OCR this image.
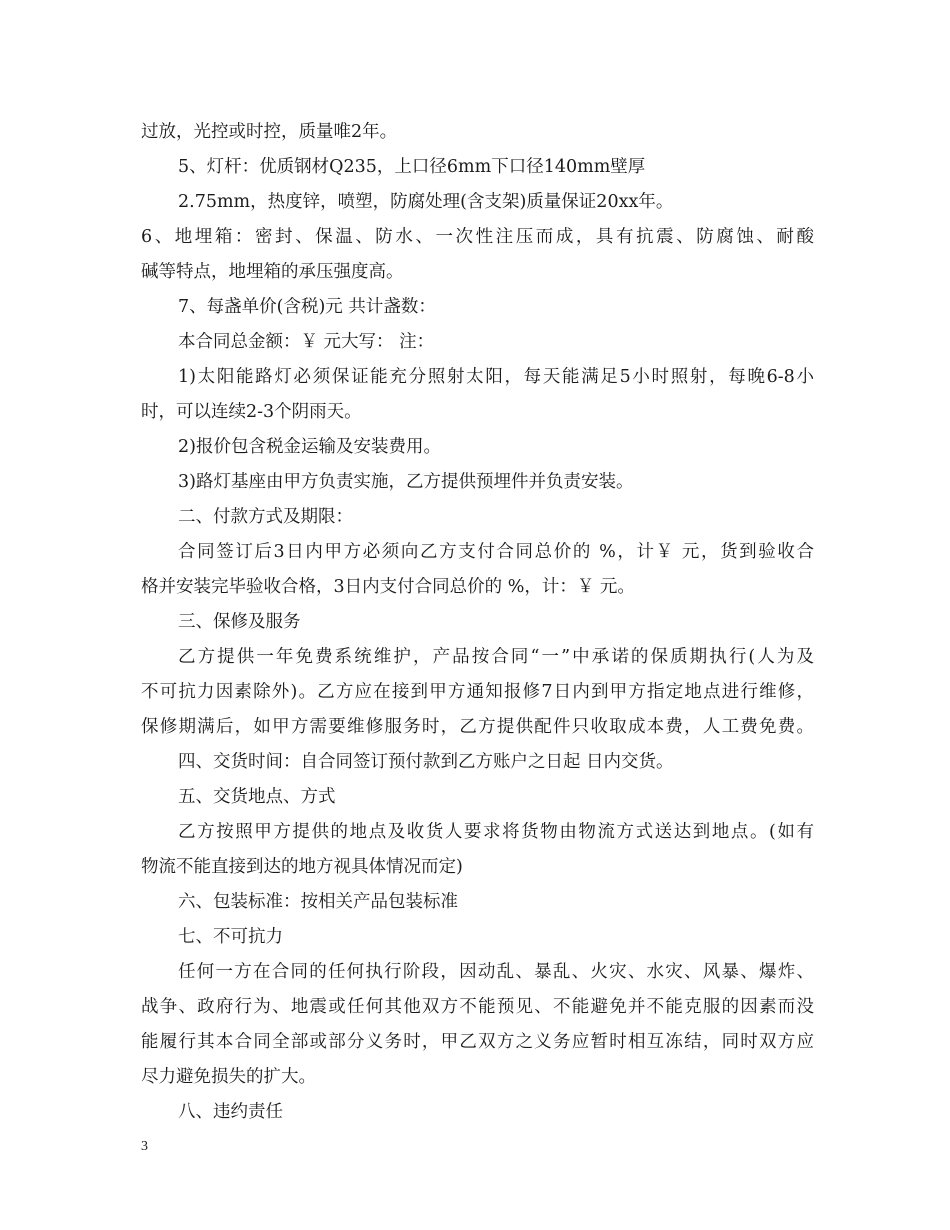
过放，光控或时控，质量唯2年。
5、灯杆：优质钢材Q235，上口径6mm下口径140mm壁厚
2.75mm，热度锌，喷塑，防腐处理(含支架)质量保证20xx年。
6、地埋箱：密封、保温、防水、一次性注压而成，具有抗震、防腐蚀、耐酸
碱等特点，地埋箱的承压强度高。
7、每盏单价(含税)元 共计盏数：
本合同总金额：￥ 元大写： 注：
1)太阳能路灯必须保证能充分照射太阳，每天能满足5小时照射，每晚6-8小
时，可以连续2-3个阴雨天。
2)报价包含税金运输及安装费用。
3)路灯基座由甲方负责实施，乙方提供预埋件并负责安装。
二、付款方式及期限：
合同签订后3日内甲方必须向乙方支付合同总价的 %，计￥ 元，货到验收合
格并安装完毕验收合格，3日内支付合同总价的 %，计：￥ 元。
三、保修及服务
乙方提供一年免费系统维护，产品按合同“一”中承诺的保质期执行(人为及
不可抗力因素除外)。乙方应在接到甲方通知报修7日内到甲方指定地点进行维修，
保修期满后，如甲方需要维修服务时，乙方提供配件只收取成本费，人工费免费。
四、交货时间：自合同签订预付款到乙方账户之日起 日内交货。
五、交货地点、方式
乙方按照甲方提供的地点及收货人要求将货物由物流方式送达到地点。(如有
物流不能直接到达的地方视具体情况而定)
六、包装标准：按相关产品包装标准
七、不可抗力
任何一方在合同的任何执行阶段，因动乱、暴乱、火灾、水灾、风暴、爆炸、
战争、政府行为、地震或任何其他双方不能预见、不能避免并不能克服的因素而没
能履行其本合同全部或部分义务时，甲乙双方之义务应暂时相互冻结，同时双方应
尽力避免损失的扩大。
八、违约责任
3
